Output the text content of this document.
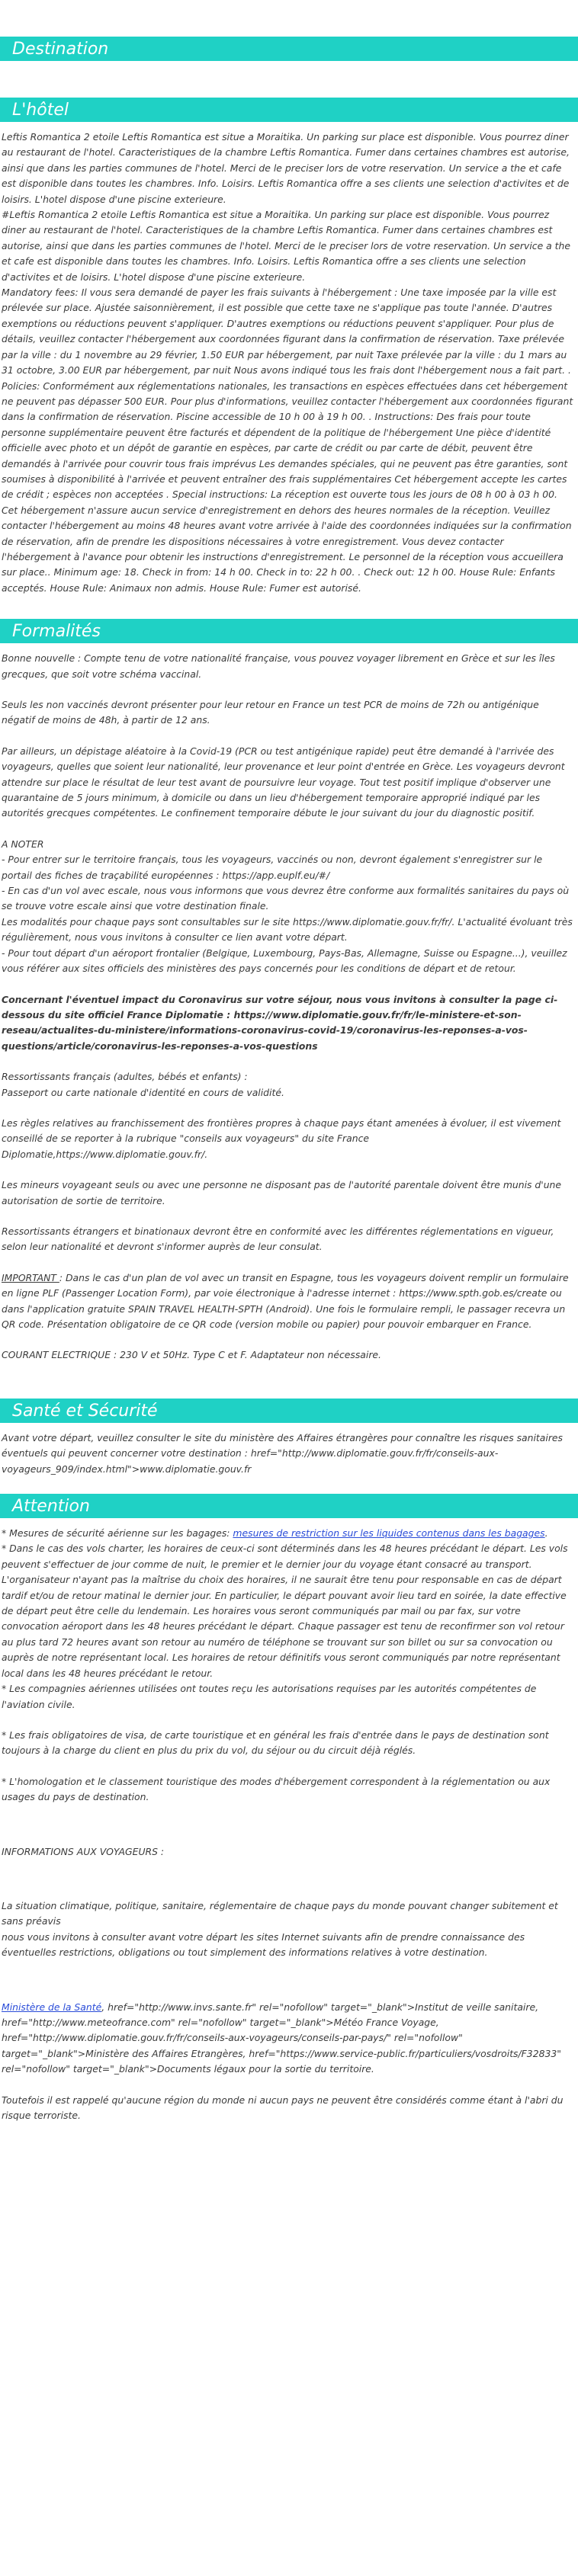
Destination
L'hôtel

Leftis Romantica 2 etoile Leftis Romantica est situe a Moraitika. Un parking sur place est disponible. Vous pourrez diner au restaurant de l'hotel. Caracteristiques de la chambre Leftis Romantica. Fumer dans certaines chambres est autorise, ainsi que dans les parties communes de l'hotel. Merci de le preciser lors de votre reservation. Un service a the et cafe est disponible dans toutes les chambres. Info. Loisirs. Leftis Romantica offre a ses clients une selection d'activites et de loisirs. L'hotel dispose d'une piscine exterieure.

#Leftis Romantica 2 etoile Leftis Romantica est situe a Moraitika. Un parking sur place est disponible. Vous pourrez diner au restaurant de l'hotel. Caracteristiques de la chambre Leftis Romantica. Fumer dans certaines chambres est autorise, ainsi que dans les parties communes de l'hotel. Merci de le preciser lors de votre reservation. Un service a the et cafe est disponible dans toutes les chambres. Info. Loisirs. Leftis Romantica offre a ses clients une selection d'activites et de loisirs. L'hotel dispose d'une piscine exterieure.

Mandatory fees: Il vous sera demandé de payer les frais suivants à l'hébergement : Une taxe imposée par la ville est prélevée sur place. Ajustée saisonnièrement, il est possible que cette taxe ne s'applique pas toute l'année. D'autres exemptions ou réductions peuvent s'appliquer. D'autres exemptions ou réductions peuvent s'appliquer. Pour plus de détails, veuillez contacter l'hébergement aux coordonnées figurant dans la confirmation de réservation. Taxe prélevée par la ville : du 1 novembre au 29 février, 1.50 EUR par hébergement, par nuit Taxe prélevée par la ville : du 1 mars au 31 octobre, 3.00 EUR par hébergement, par nuit Nous avons indiqué tous les frais dont l'hébergement nous a fait part. . Policies: Conformément aux réglementations nationales, les transactions en espèces effectuées dans cet hébergement ne peuvent pas dépasser 500 EUR. Pour plus d'informations, veuillez contacter l'hébergement aux coordonnées figurant dans la confirmation de réservation. Piscine accessible de 10 h 00 à 19 h 00. . Instructions: Des frais pour toute personne supplémentaire peuvent être facturés et dépendent de la politique de l'hébergement Une pièce d'identité officielle avec photo et un dépôt de garantie en espèces, par carte de crédit ou par carte de débit, peuvent être demandés à l'arrivée pour couvrir tous frais imprévus Les demandes spéciales, qui ne peuvent pas être garanties, sont soumises à disponibilité à l'arrivée et peuvent entraîner des frais supplémentaires Cet hébergement accepte les cartes de crédit ; espèces non acceptées . Special instructions: La réception est ouverte tous les jours de 08 h 00 à 03 h 00. Cet hébergement n'assure aucun service d'enregistrement en dehors des heures normales de la réception. Veuillez contacter l'hébergement au moins 48 heures avant votre arrivée à l'aide des coordonnées indiquées sur la confirmation de réservation, afin de prendre les dispositions nécessaires à votre enregistrement. Vous devez contacter l'hébergement à l'avance pour obtenir les instructions d'enregistrement. Le personnel de la réception vous accueillera sur place.. Minimum age: 18. Check in from: 14 h 00. Check in to: 22 h 00. . Check out: 12 h 00. House Rule: Enfants acceptés. House Rule: Animaux non admis. House Rule: Fumer est autorisé.

Formalités

Bonne nouvelle : Compte tenu de votre nationalité française, vous pouvez voyager librement en Grèce et sur les îles grecques, que soit votre schéma vaccinal.

Seuls les non vaccinés devront présenter pour leur retour en France un test PCR de moins de 72h ou antigénique négatif de moins de 48h, à partir de 12 ans.

Par ailleurs, un dépistage aléatoire à la Covid-19 (PCR ou test antigénique rapide) peut être demandé à l'arrivée des voyageurs, quelles que soient leur nationalité, leur provenance et leur point d'entrée en Grèce. Les voyageurs devront attendre sur place le résultat de leur test avant de poursuivre leur voyage. Tout test positif implique d'observer une quarantaine de 5 jours minimum, à domicile ou dans un lieu d'hébergement temporaire approprié indiqué par les autorités grecques compétentes. Le confinement temporaire débute le jour suivant du jour du diagnostic positif.

A NOTER

- Pour entrer sur le territoire français, tous les voyageurs, vaccinés ou non, devront également s'enregistrer sur le portail des fiches de traçabilité européennes : https://app.euplf.eu/#/

- En cas d'un vol avec escale, nous vous informons que vous devrez être conforme aux formalités sanitaires du pays où se trouve votre escale ainsi que votre destination finale.

Les modalités pour chaque pays sont consultables sur le site https://www.diplomatie.gouv.fr/fr/. L'actualité évoluant très régulièrement, nous vous invitons à consulter ce lien avant votre départ.

- Pour tout départ d'un aéroport frontalier (Belgique, Luxembourg, Pays-Bas, Allemagne, Suisse ou Espagne...), veuillez vous référer aux sites officiels des ministères des pays concernés pour les conditions de départ et de retour.

Concernant l'éventuel impact du Coronavirus sur votre séjour, nous vous invitons à consulter la page ci-dessous du site officiel France Diplomatie : https://www.diplomatie.gouv.fr/fr/le-ministere-et-son-reseau/actualites-du-ministere/informations-coronavirus-covid-19/coronavirus-les-reponses-a-vos-questions/article/coronavirus-les-reponses-a-vos-questions

Ressortissants français (adultes, bébés et enfants) :

Passeport ou carte nationale d'identité en cours de validité.

Les règles relatives au franchissement des frontières propres à chaque pays étant amenées à évoluer, il est vivement conseillé de se reporter à la rubrique "conseils aux voyageurs" du site France Diplomatie,https://www.diplomatie.gouv.fr/.

Les mineurs voyageant seuls ou avec une personne ne disposant pas de l'autorité parentale doivent être munis d'une autorisation de sortie de territoire.

Ressortissants étrangers et binationaux devront être en conformité avec les différentes réglementations en vigueur, selon leur nationalité et devront s'informer auprès de leur consulat.

IMPORTANT : Dans le cas d'un plan de vol avec un transit en Espagne, tous les voyageurs doivent remplir un formulaire en ligne PLF (Passenger Location Form), par voie électronique à l'adresse internet : https://www.spth.gob.es/create ou dans l'application gratuite SPAIN TRAVEL HEALTH-SPTH (Android). Une fois le formulaire rempli, le passager recevra un QR code. Présentation obligatoire de ce QR code (version mobile ou papier) pour pouvoir embarquer en France.

COURANT ELECTRIQUE : 230 V et 50Hz. Type C et F. Adaptateur non nécessaire.

Santé et Sécurité

Avant votre départ, veuillez consulter le site du ministère des Affaires étrangères pour connaître les risques sanitaires éventuels qui peuvent concerner votre destination : href="http://www.diplomatie.gouv.fr/fr/conseils-aux-voyageurs_909/index.html">www.diplomatie.gouv.fr

Attention

* Mesures de sécurité aérienne sur les bagages: mesures de restriction sur les liquides contenus dans les bagages.

* Dans le cas des vols charter, les horaires de ceux-ci sont déterminés dans les 48 heures précédant le départ. Les vols peuvent s'effectuer de jour comme de nuit, le premier et le dernier jour du voyage étant consacré au transport. L'organisateur n'ayant pas la maîtrise du choix des horaires, il ne saurait être tenu pour responsable en cas de départ tardif et/ou de retour matinal le dernier jour. En particulier, le départ pouvant avoir lieu tard en soirée, la date effective de départ peut être celle du lendemain. Les horaires vous seront communiqués par mail ou par fax, sur votre convocation aéroport dans les 48 heures précédant le départ. Chaque passager est tenu de reconfirmer son vol retour au plus tard 72 heures avant son retour au numéro de téléphone se trouvant sur son billet ou sur sa convocation ou auprès de notre représentant local. Les horaires de retour définitifs vous seront communiqués par notre représentant local dans les 48 heures précédant le retour.

* Les compagnies aériennes utilisées ont toutes reçu les autorisations requises par les autorités compétentes de l'aviation civile.

* Les frais obligatoires de visa, de carte touristique et en général les frais d'entrée dans le pays de destination sont toujours à la charge du client en plus du prix du vol, du séjour ou du circuit déjà réglés.

* L'homologation et le classement touristique des modes d'hébergement correspondent à la réglementation ou aux usages du pays de destination.

INFORMATIONS AUX VOYAGEURS :

La situation climatique, politique, sanitaire, réglementaire de chaque pays du monde pouvant changer subitement et sans préavis

nous vous invitons à consulter avant votre départ les sites Internet suivants afin de prendre connaissance des éventuelles restrictions, obligations ou tout simplement des informations relatives à votre destination.

Ministère de la Santé, href="http://www.invs.sante.fr" rel="nofollow" target="_blank">Institut de veille sanitaire, href="http://www.meteofrance.com" rel="nofollow" target="_blank">Météo France Voyage, href="http://www.diplomatie.gouv.fr/fr/conseils-aux-voyageurs/conseils-par-pays/" rel="nofollow" target="_blank">Ministère des Affaires Etrangères, href="https://www.service-public.fr/particuliers/vosdroits/F32833" rel="nofollow" target="_blank">Documents légaux pour la sortie du territoire.

Toutefois il est rappelé qu'aucune région du monde ni aucun pays ne peuvent être considérés comme étant à l'abri du risque terroriste.
